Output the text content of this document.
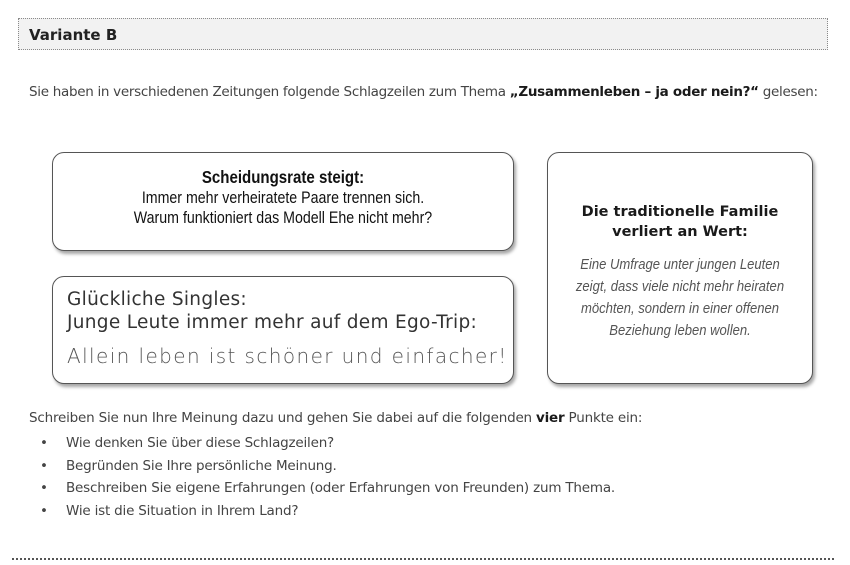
Variante B
Sie haben in verschiedenen Zeitungen folgende Schlagzeilen zum Thema „Zusammenleben – ja oder nein?“ gelesen:
Scheidungsrate steigt:
Immer mehr verheiratete Paare trennen sich.
Warum funktioniert das Modell Ehe nicht mehr?
Glückliche Singles:
Junge Leute immer mehr auf dem Ego-Trip:
Allein leben ist schöner und einfacher!
Die traditionelle Familie
verliert an Wert:
Eine Umfrage unter jungen Leuten
zeigt, dass viele nicht mehr heiraten
möchten, sondern in einer offenen
Beziehung leben wollen.
Schreiben Sie nun Ihre Meinung dazu und gehen Sie dabei auf die folgenden vier Punkte ein:
• Wie denken Sie über diese Schlagzeilen?
• Begründen Sie Ihre persönliche Meinung.
• Beschreiben Sie eigene Erfahrungen (oder Erfahrungen von Freunden) zum Thema.
• Wie ist die Situation in Ihrem Land?
